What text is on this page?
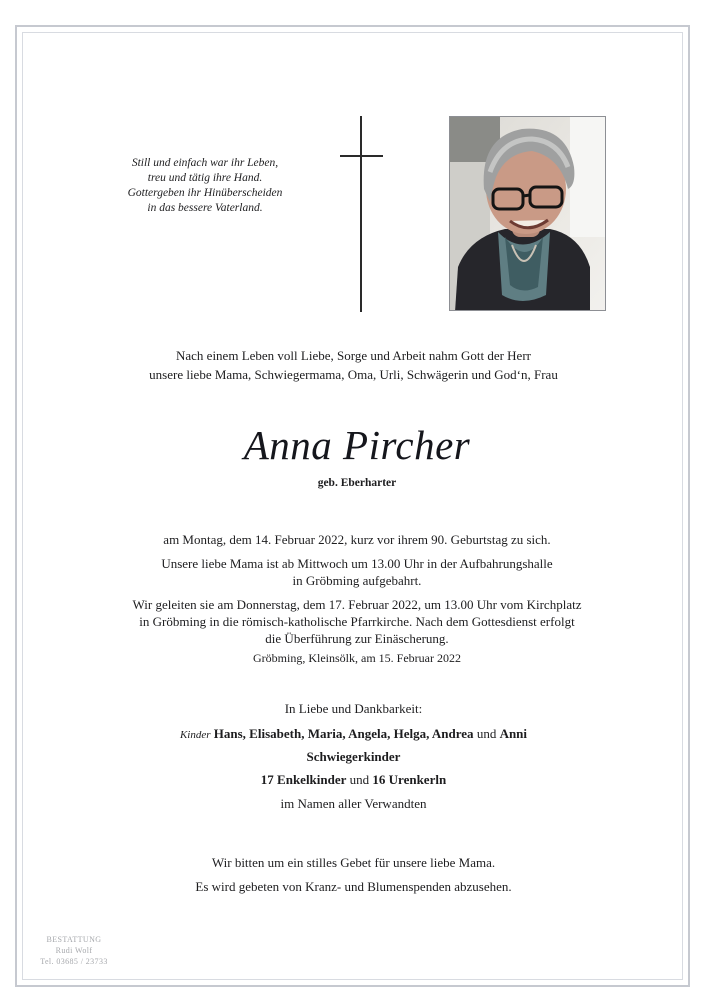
Still und einfach war ihr Leben,
treu und tätig ihre Hand.
Gottergeben ihr Hinüberscheiden
in das bessere Vaterland.
Nach einem Leben voll Liebe, Sorge und Arbeit nahm Gott der Herr
unsere liebe Mama, Schwiegermama, Oma, Urli, Schwägerin und God‘n, Frau
Anna Pircher
geb. Eberharter
am Montag, dem 14. Februar 2022, kurz vor ihrem 90. Geburtstag zu sich.
Unsere liebe Mama ist ab Mittwoch um 13.00 Uhr in der Aufbahrungshalle
in Gröbming aufgebahrt.
Wir geleiten sie am Donnerstag, dem 17. Februar 2022, um 13.00 Uhr vom Kirchplatz
in Gröbming in die römisch-katholische Pfarrkirche. Nach dem Gottesdienst erfolgt
die Überführung zur Einäscherung.
Gröbming, Kleinsölk, am 15. Februar 2022
In Liebe und Dankbarkeit:
Kinder Hans, Elisabeth, Maria, Angela, Helga, Andrea und Anni
Schwiegerkinder
17 Enkelkinder und 16 Urenkerln
im Namen aller Verwandten
Wir bitten um ein stilles Gebet für unsere liebe Mama.
Es wird gebeten von Kranz- und Blumenspenden abzusehen.
BESTATTUNG
Rudi Wolf
Tel. 03685 / 23733
